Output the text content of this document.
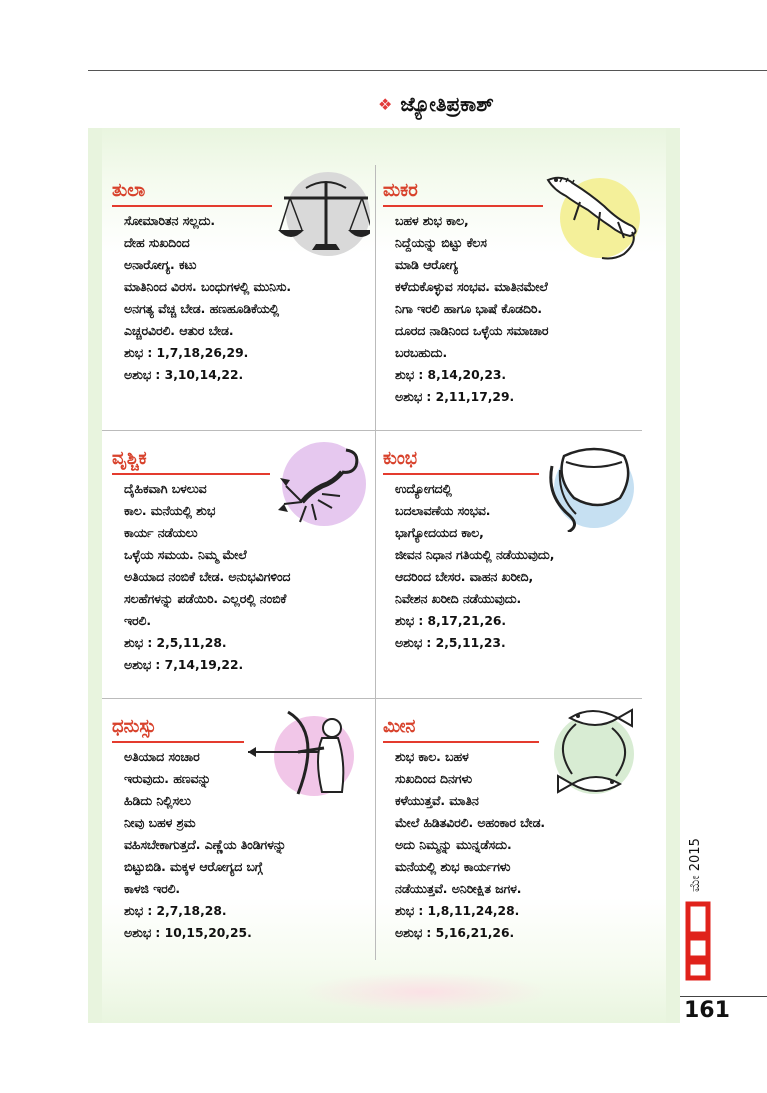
❖ ಜ್ಯೋತಿಪ್ರಕಾಶ್
ತುಲಾ
ಸೋಮಾರಿತನ ಸಲ್ಲದು.
ದೇಹ ಸುಖದಿಂದ
ಅನಾರೋಗ್ಯ. ಕಟು
ಮಾತಿನಿಂದ ವಿರಸ. ಬಂಧುಗಳಲ್ಲಿ ಮುನಿಸು.
ಅನಗತ್ಯ ವೆಚ್ಚ ಬೇಡ. ಹಣಹೂಡಿಕೆಯಲ್ಲಿ
ಎಚ್ಚರವಿರಲಿ. ಆತುರ ಬೇಡ.
ಶುಭ : 1,7,18,26,29.
ಅಶುಭ : 3,10,14,22.
ಮಕರ
ಬಹಳ ಶುಭ ಕಾಲ,
ನಿದ್ದೆಯನ್ನು ಬಿಟ್ಟು ಕೆಲಸ
ಮಾಡಿ ಆರೋಗ್ಯ
ಕಳೆದುಕೊಳ್ಳುವ ಸಂಭವ. ಮಾತಿನಮೇಲೆ
ನಿಗಾ ಇರಲಿ ಹಾಗೂ ಭಾಷೆ ಕೊಡದಿರಿ.
ದೂರದ ನಾಡಿನಿಂದ ಒಳ್ಳೆಯ ಸಮಾಚಾರ
ಬರಬಹುದು.
ಶುಭ : 8,14,20,23.
ಅಶುಭ : 2,11,17,29.
ವೃಶ್ಚಿಕ
ದೈಹಿಕವಾಗಿ ಬಳಲುವ
ಕಾಲ. ಮನೆಯಲ್ಲಿ ಶುಭ
ಕಾರ್ಯ ನಡೆಯಲು
ಒಳ್ಳೆಯ ಸಮಯ. ನಿಮ್ಮ ಮೇಲೆ
ಅತಿಯಾದ ನಂಬಿಕೆ ಬೇಡ. ಅನುಭವಿಗಳಿಂದ
ಸಲಹೆಗಳನ್ನು ಪಡೆಯಿರಿ. ಎಲ್ಲರಲ್ಲಿ ನಂಬಿಕೆ
ಇರಲಿ.
ಶುಭ : 2,5,11,28.
ಅಶುಭ : 7,14,19,22.
ಕುಂಭ
ಉದ್ಯೋಗದಲ್ಲಿ
ಬದಲಾವಣೆಯ ಸಂಭವ.
ಭಾಗ್ಯೋದಯದ ಕಾಲ,
ಜೀವನ ನಿಧಾನ ಗತಿಯಲ್ಲಿ ನಡೆಯುವುದು,
ಆದರಿಂದ ಬೇಸರ. ವಾಹನ ಖರೀದಿ,
ನಿವೇಶನ ಖರೀದಿ ನಡೆಯುವುದು.
ಶುಭ : 8,17,21,26.
ಅಶುಭ : 2,5,11,23.
ಧನುಸ್ಸು
ಅತಿಯಾದ ಸಂಚಾರ
ಇರುವುದು. ಹಣವನ್ನು
ಹಿಡಿದು ನಿಲ್ಲಿಸಲು
ನೀವು ಬಹಳ ಶ್ರಮ
ವಹಿಸಬೇಕಾಗುತ್ತದೆ. ಎಣ್ಣೆಯ ತಿಂಡಿಗಳನ್ನು
ಬಿಟ್ಟುಬಿಡಿ. ಮಕ್ಕಳ ಆರೋಗ್ಯದ ಬಗ್ಗೆ
ಕಾಳಜಿ ಇರಲಿ.
ಶುಭ : 2,7,18,28.
ಅಶುಭ : 10,15,20,25.
ಮೀನ
ಶುಭ ಕಾಲ. ಬಹಳ
ಸುಖದಿಂದ ದಿನಗಳು
ಕಳೆಯುತ್ತವೆ. ಮಾತಿನ
ಮೇಲೆ ಹಿಡಿತವಿರಲಿ. ಅಹಂಕಾರ ಬೇಡ.
ಅದು ನಿಮ್ಮನ್ನು ಮುನ್ನಡೆಸದು.
ಮನೆಯಲ್ಲಿ ಶುಭ ಕಾರ್ಯಗಳು
ನಡೆಯುತ್ತವೆ. ಅನಿರೀಕ್ಷಿತ ಜಗಳ.
ಶುಭ : 1,8,11,24,28.
ಅಶುಭ : 5,16,21,26.
ಮೇ 2015
161
